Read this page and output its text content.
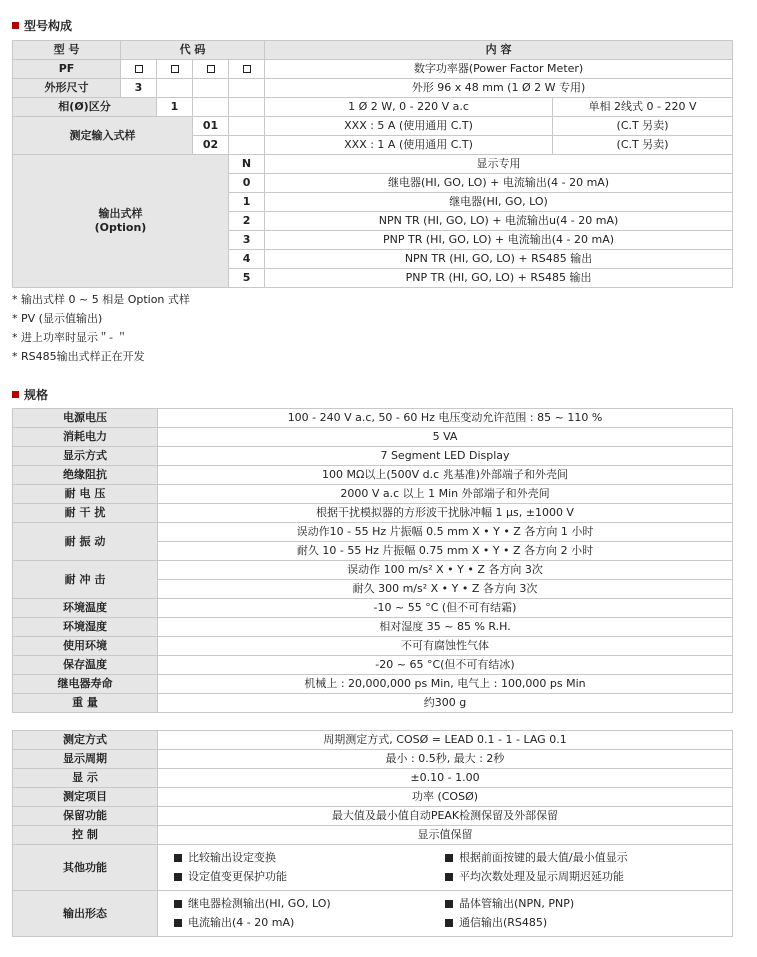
型号构成
型 号	代 码				内 容	
PF					数字功率器(Power Factor Meter)	
外形尺寸	3				外形 96 x 48 mm (1 Ø 2 W 专用)	
相(Ø)区分		1			1 Ø 2 W, 0 - 220 V a.c	单相 2线式 0 - 220 V
测定输入式样			01		XXX : 5 A (使用通用 C.T)	(C.T 另卖)
			02		XXX : 1 A (使用通用 C.T)	(C.T 另卖)

输出式样
(Option)				N	显示专用	
				0	继电器(HI, GO, LO) + 电流输出(4 - 20 mA)	
				1	继电器(HI, GO, LO)	
				2	NPN TR (HI, GO, LO) + 电流输出u(4 - 20 mA)	
				3	PNP TR (HI, GO, LO) + 电流输出(4 - 20 mA)	
				4	NPN TR (HI, GO, LO) + RS485 输出	
				5	PNP TR (HI, GO, LO) + RS485 输出	
* 输出式样 0 ~ 5 相是 Option 式样
* PV (显示值输出)
* 进上功率时显示＂- ＂
* RS485输出式样正在开发
规格
电源电压	100 - 240 V a.c, 50 - 60 Hz 电压变动允许范围 : 85 ~ 110 %
消耗电力	5 VA
显示方式	7 Segment LED Display
绝缘阻抗	100 MΩ以上(500V d.c 兆基准)外部端子和外壳间
耐 电 压	2000 V a.c 以上 1 Min 外部端子和外壳间
耐 干 扰	根据干扰模拟器的方形波干扰脉冲幅 1 μs, ±1000 V
耐 振 动	误动作10 - 55 Hz 片振幅 0.5 mm X • Y • Z 各方向 1 小时
	耐久 10 - 55 Hz 片振幅 0.75 mm X • Y • Z 各方向 2 小时
耐 冲 击	误动作 100 m/s² X • Y • Z 各方向 3次
	耐久 300 m/s² X • Y • Z 各方向 3次
环境温度	-10 ~ 55 °C (但不可有结霜)
环境湿度	相对湿度 35 ~ 85 % R.H.
使用环境	不可有腐蚀性气体
保存温度	-20 ~ 65 °C(但不可有结冰)
继电器寿命	机械上 : 20,000,000 ps Min, 电气上 : 100,000 ps Min
重 量	约300 g
测定方式	周期测定方式, COSØ = LEAD 0.1 - 1 - LAG 0.1
显示周期	最小 : 0.5秒, 最大 : 2秒
显 示	±0.10 - 1.00
测定项目	功率 (COSØ)
保留功能	最大值及最小值自动PEAK检测保留及外部保留
控 制	显示值保留
其他功能	比较输出设定变换 根据前面按键的最大值/最小值显示
设定值变更保护功能 平均次数处理及显示周期迟延功能

输出形态	继电器检测输出(HI, GO, LO) 晶体管输出(NPN, PNP)
电流输出(4 - 20 mA) 通信输出(RS485)
